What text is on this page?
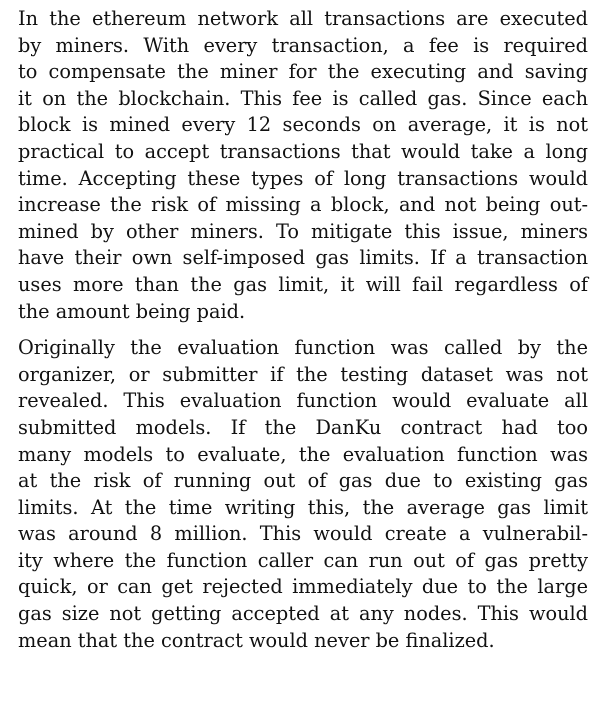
In the ethereum network all transactions are executed
by miners. With every transaction, a fee is required
to compensate the miner for the executing and saving
it on the blockchain. This fee is called gas. Since each
block is mined every 12 seconds on average, it is not
practical to accept transactions that would take a long
time. Accepting these types of long transactions would
increase the risk of missing a block, and not being out-
mined by other miners. To mitigate this issue, miners
have their own self-imposed gas limits. If a transaction
uses more than the gas limit, it will fail regardless of
the amount being paid.
Originally the evaluation function was called by the
organizer, or submitter if the testing dataset was not
revealed. This evaluation function would evaluate all
submitted models. If the DanKu contract had too
many models to evaluate, the evaluation function was
at the risk of running out of gas due to existing gas
limits. At the time writing this, the average gas limit
was around 8 million. This would create a vulnerabil-
ity where the function caller can run out of gas pretty
quick, or can get rejected immediately due to the large
gas size not getting accepted at any nodes. This would
mean that the contract would never be finalized.
